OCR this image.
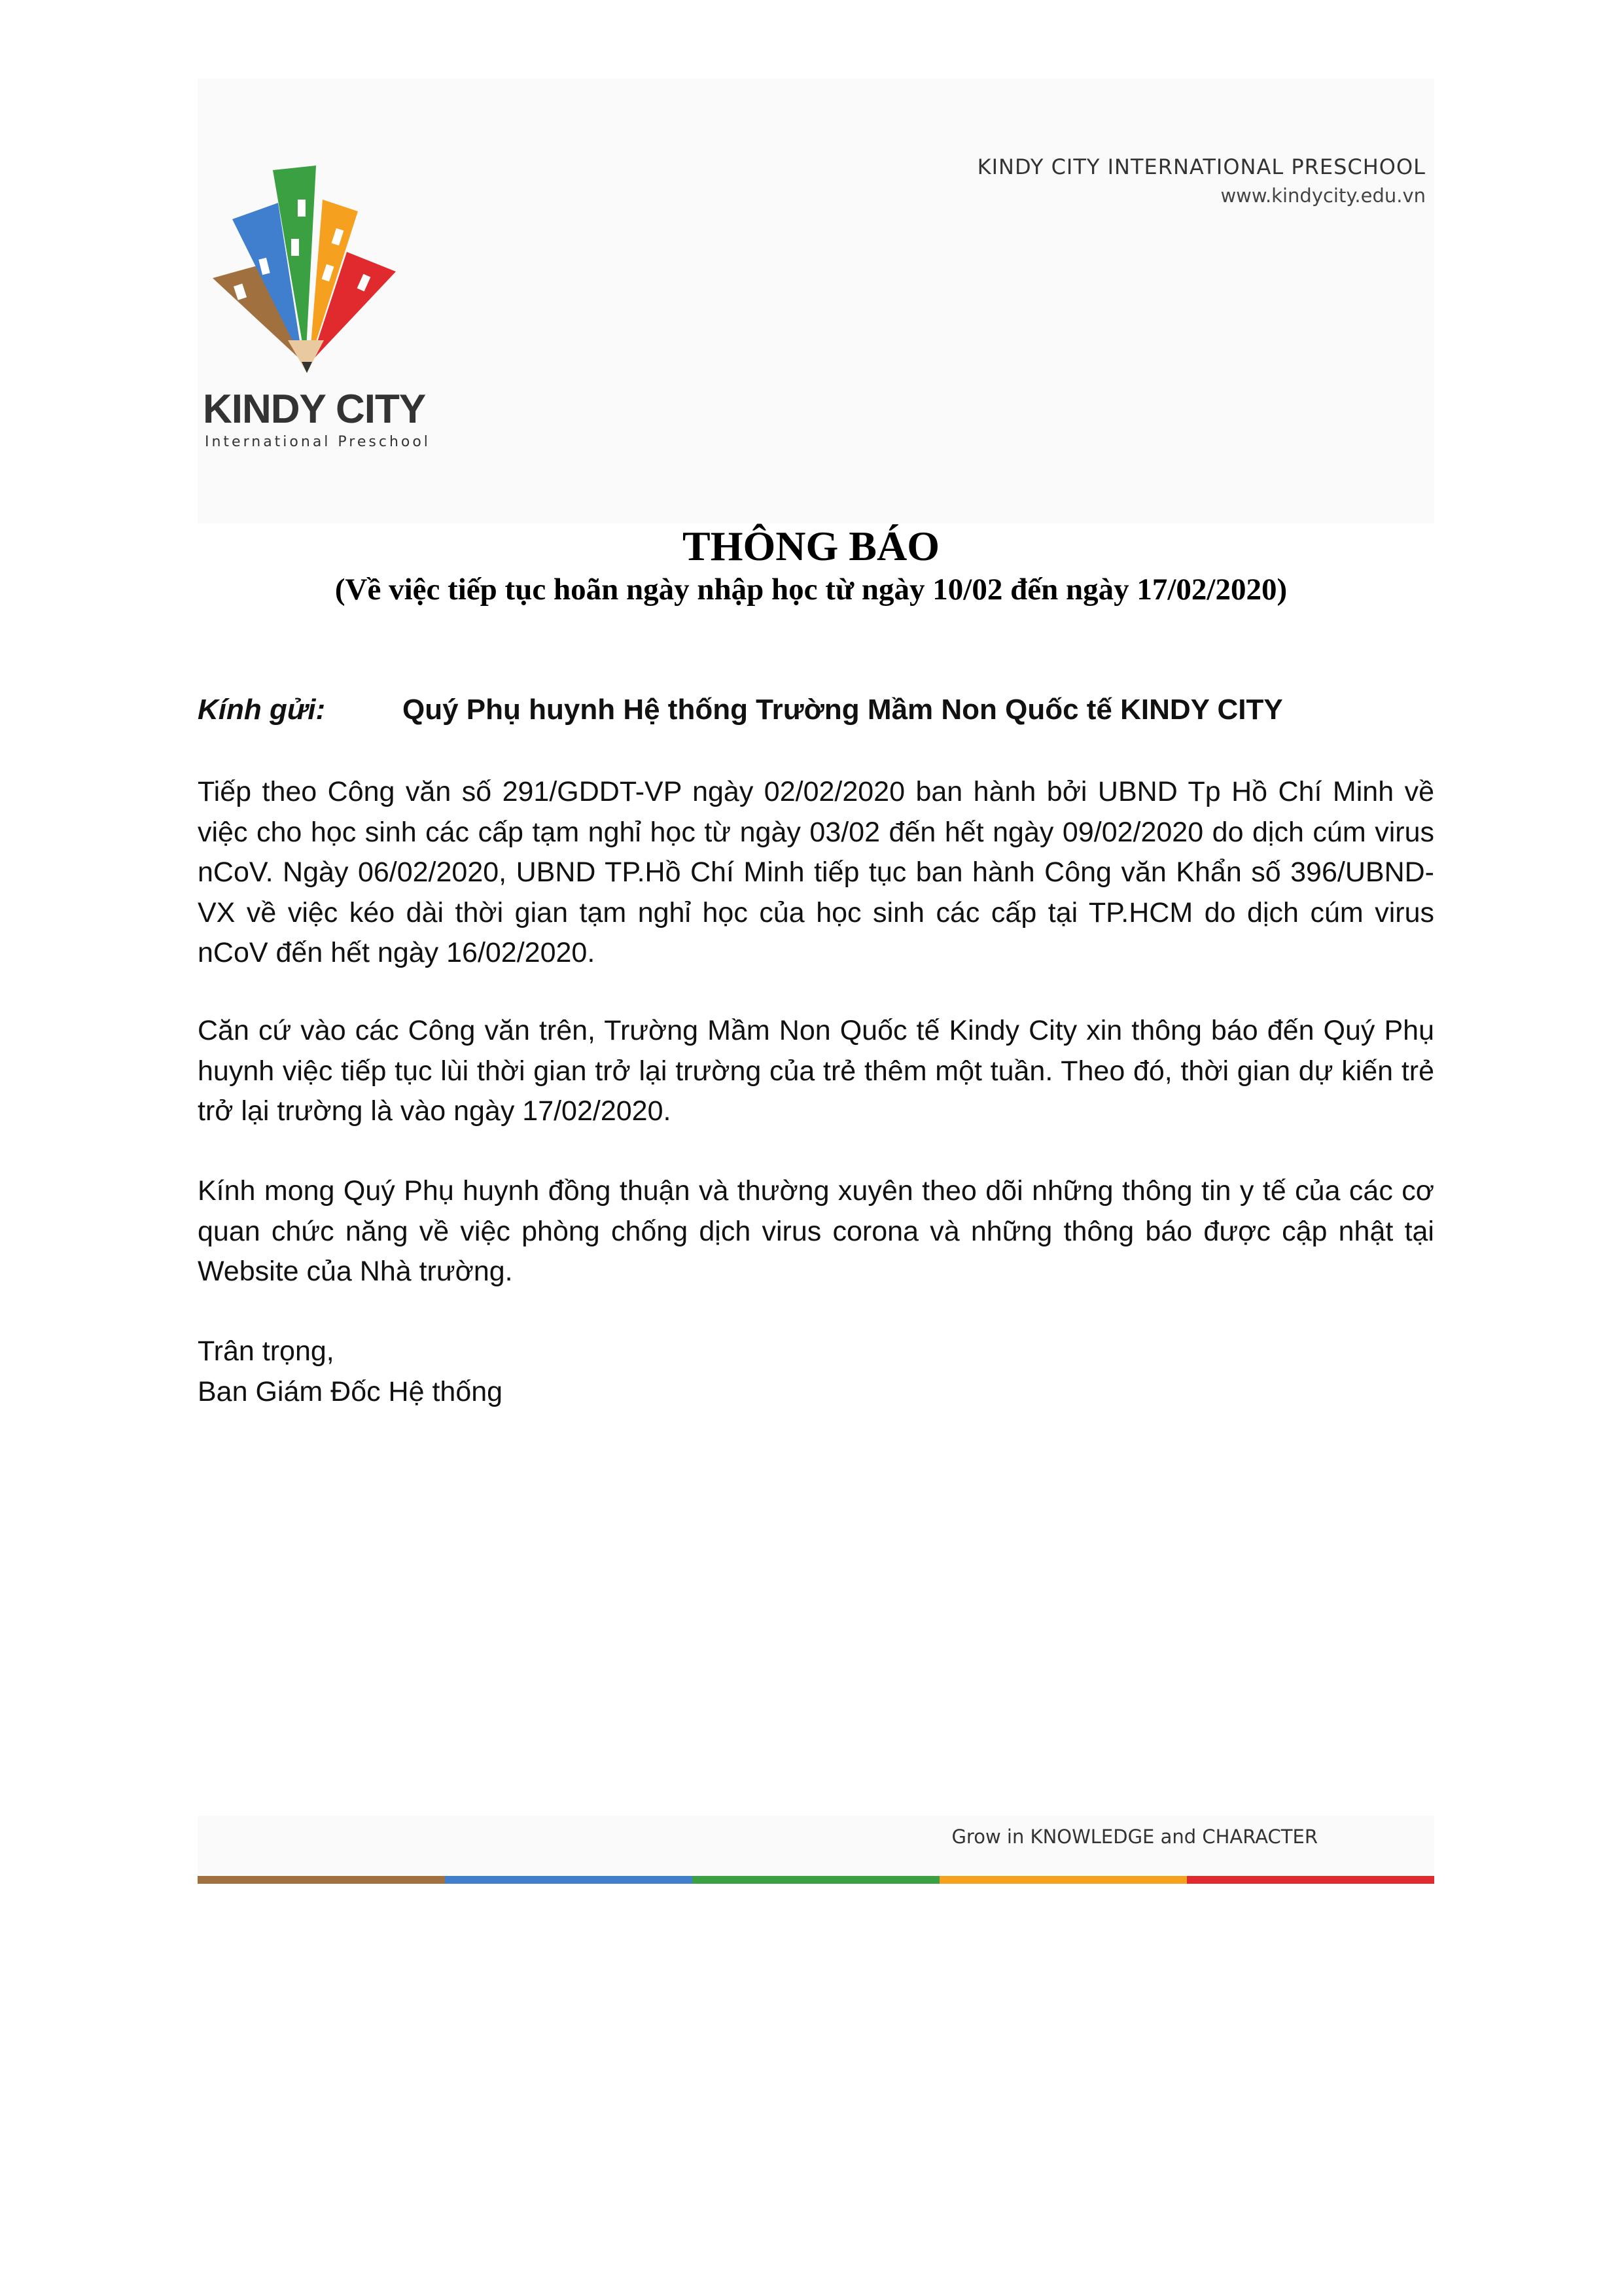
KINDY CITY
International Preschool
KINDY CITY INTERNATIONAL PRESCHOOL
www.kindycity.edu.vn
THÔNG BÁO
(Về việc tiếp tục hoãn ngày nhập học từ ngày 10/02 đến ngày 17/02/2020)
Kính gửi:	Quý Phụ huynh Hệ thống Trường Mầm Non Quốc tế KINDY CITY

Tiếp theo Công văn số 291/GDDT-VP ngày 02/02/2020 ban hành bởi UBND Tp Hồ Chí Minh về việc cho học sinh các cấp tạm nghỉ học từ ngày 03/02 đến hết ngày 09/02/2020 do dịch cúm virus nCoV. Ngày 06/02/2020, UBND TP.Hồ Chí Minh tiếp tục ban hành Công văn Khẩn số 396/UBND-VX về việc kéo dài thời gian tạm nghỉ học của học sinh các cấp tại TP.HCM do dịch cúm virus nCoV đến hết ngày 16/02/2020.

Căn cứ vào các Công văn trên, Trường Mầm Non Quốc tế Kindy City xin thông báo đến Quý Phụ huynh việc tiếp tục lùi thời gian trở lại trường của trẻ thêm một tuần. Theo đó, thời gian dự kiến trẻ trở lại trường là vào ngày 17/02/2020.

Kính mong Quý Phụ huynh đồng thuận và thường xuyên theo dõi những thông tin y tế của các cơ quan chức năng về việc phòng chống dịch virus corona và những thông báo được cập nhật tại Website của Nhà trường.

Trân trọng,
Ban Giám Đốc Hệ thống
Grow in KNOWLEDGE and CHARACTER
